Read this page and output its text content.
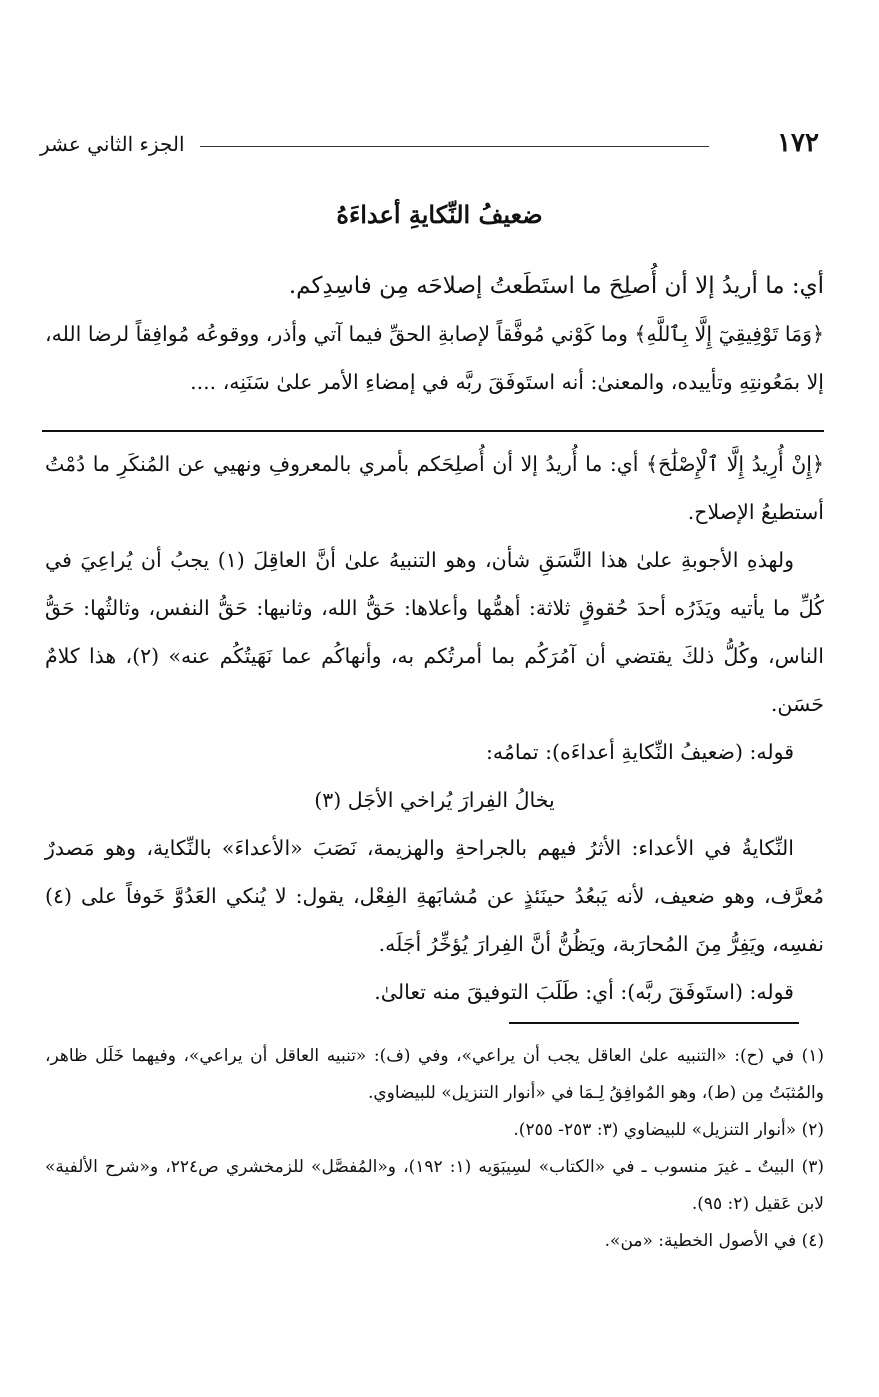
١٧٢
الجزء الثاني عشر
ضعيفُ النِّكايةِ أعداءَهُ

أي: ما أريدُ إلا أن أُصلِحَ ما استَطَعتُ إصلاحَه مِن فاسِدِكم.

﴿وَمَا تَوْفِيقِيٓ إِلَّا بِٱللَّهِ﴾ وما كَوْني مُوفَّقاً لإصابةِ الحقِّ فيما آتي وأذر، ووقوعُه مُوافِقاً لرضا الله، إلا بمَعُونتِهِ وتأييده، والمعنىٰ: أنه استَوفَقَ ربَّه في إمضاءِ الأمر علىٰ سَنَنِه، ....

﴿إِنْ أُرِيدُ إِلَّا ٱلْإِصْلَٰحَ﴾ أي: ما أُريدُ إلا أن أُصلِحَكم بأمري بالمعروفِ ونهيي عن المُنكَرِ ما دُمْتُ أستطيعُ الإصلاح.

ولهذهِ الأجوبةِ علىٰ هذا النَّسَقِ شأن، وهو التنبيهُ علىٰ أنَّ العاقِلَ (١) يجبُ أن يُراعِيَ في كُلِّ ما يأتيه ويَذَرُه أحدَ حُقوقٍ ثلاثة: أهمُّها وأعلاها: حَقُّ الله، وثانيها: حَقُّ النفس، وثالثُها: حَقُّ الناس، وكُلُّ ذلكَ يقتضي أن آمُرَكُم بما أمرتُكم به، وأنهاكُم عما نَهَيتُكُم عنه» (٢)، هذا كلامٌ حَسَن.

قوله: (ضعيفُ النِّكايةِ أعداءَه): تمامُه:

يخالُ الفِرارَ يُراخي الأجَل (٣)

النِّكايةُ في الأعداء: الأثرُ فيهم بالجراحةِ والهزيمة، نَصَبَ «الأعداءَ» بالنِّكاية، وهو مَصدرٌ مُعرَّف، وهو ضعيف، لأنه يَبعُدُ حينَئذٍ عن مُشابَهةِ الفِعْل، يقول: لا يُنكي العَدُوَّ خَوفاً على (٤) نفسِه، ويَفِرُّ مِنَ المُحارَبة، ويَظُنُّ أنَّ الفِرارَ يُؤخِّرُ أجَلَه.

قوله: (استَوفَقَ ربَّه): أي: طَلَبَ التوفيقَ منه تعالىٰ.

(١) في (ح): «التنبيه علىٰ العاقل يجب أن يراعي»، وفي (ف): «تنبيه العاقل أن يراعي»، وفيهما خَلَل ظاهر، والمُثبَتُ مِن (ط)، وهو المُوافِقُ لِـمَا في «أنوار التنزيل» للبيضاوي.

(٢) «أنوار التنزيل» للبيضاوي (٣: ٢٥٣- ٢٥٥).

(٣) البيتُ ـ غيرَ منسوب ـ في «الكتاب» لسِيبَوَيه (١: ١٩٢)، و«المُفصَّل» للزمخشري ص٢٢٤، و«شرح الألفية» لابن عَقيل (٢: ٩٥).

(٤) في الأصول الخطية: «من».
